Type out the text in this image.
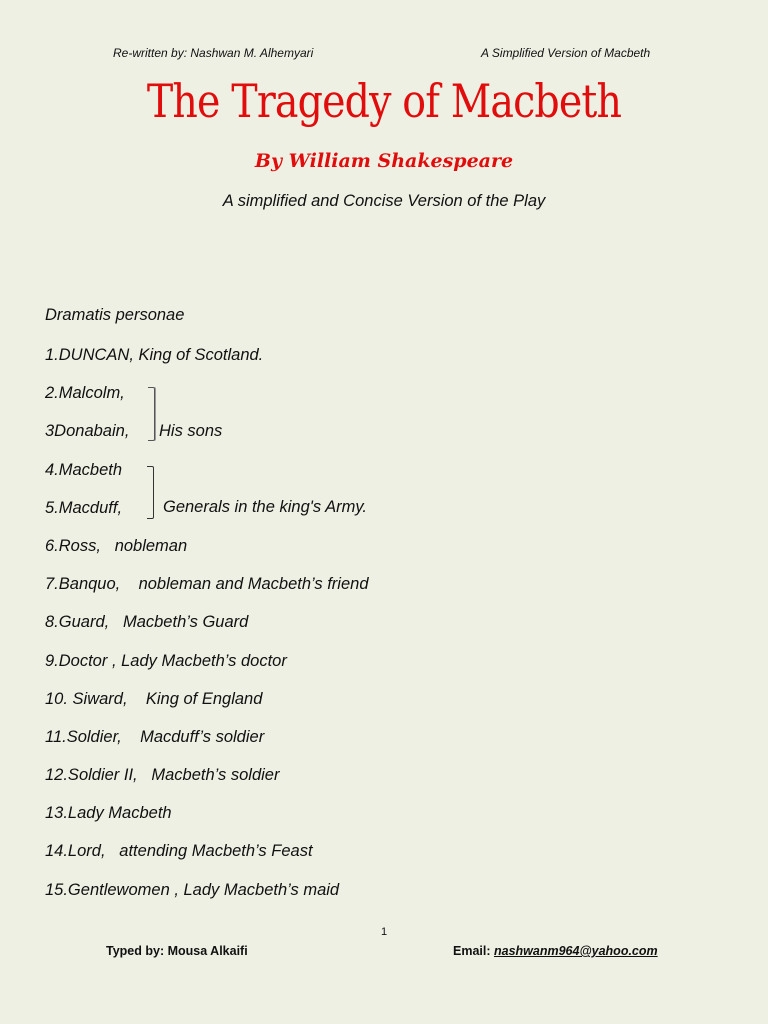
Re-written by: Nashwan M. Alhemyari	A Simplified Version of Macbeth
The Tragedy of Macbeth
By William Shakespeare
A simplified and Concise Version of the Play
Dramatis personae
1.DUNCAN, King of Scotland.
2.Malcolm,
3Donabain,
4.Macbeth
5.Macduff,
6.Ross,   nobleman
7.Banquo,    nobleman and Macbeth’s friend
8.Guard,   Macbeth’s Guard
9.Doctor , Lady Macbeth’s doctor
10. Siward,    King of England
11.Soldier,    Macduff’s soldier
12.Soldier II,   Macbeth’s soldier
13.Lady Macbeth
14.Lord,   attending Macbeth’s Feast
15.Gentlewomen , Lady Macbeth’s maid
His sons
Generals in the king's Army.
1
Typed by: Mousa Alkaifi	Email: nashwanm964@yahoo.com
